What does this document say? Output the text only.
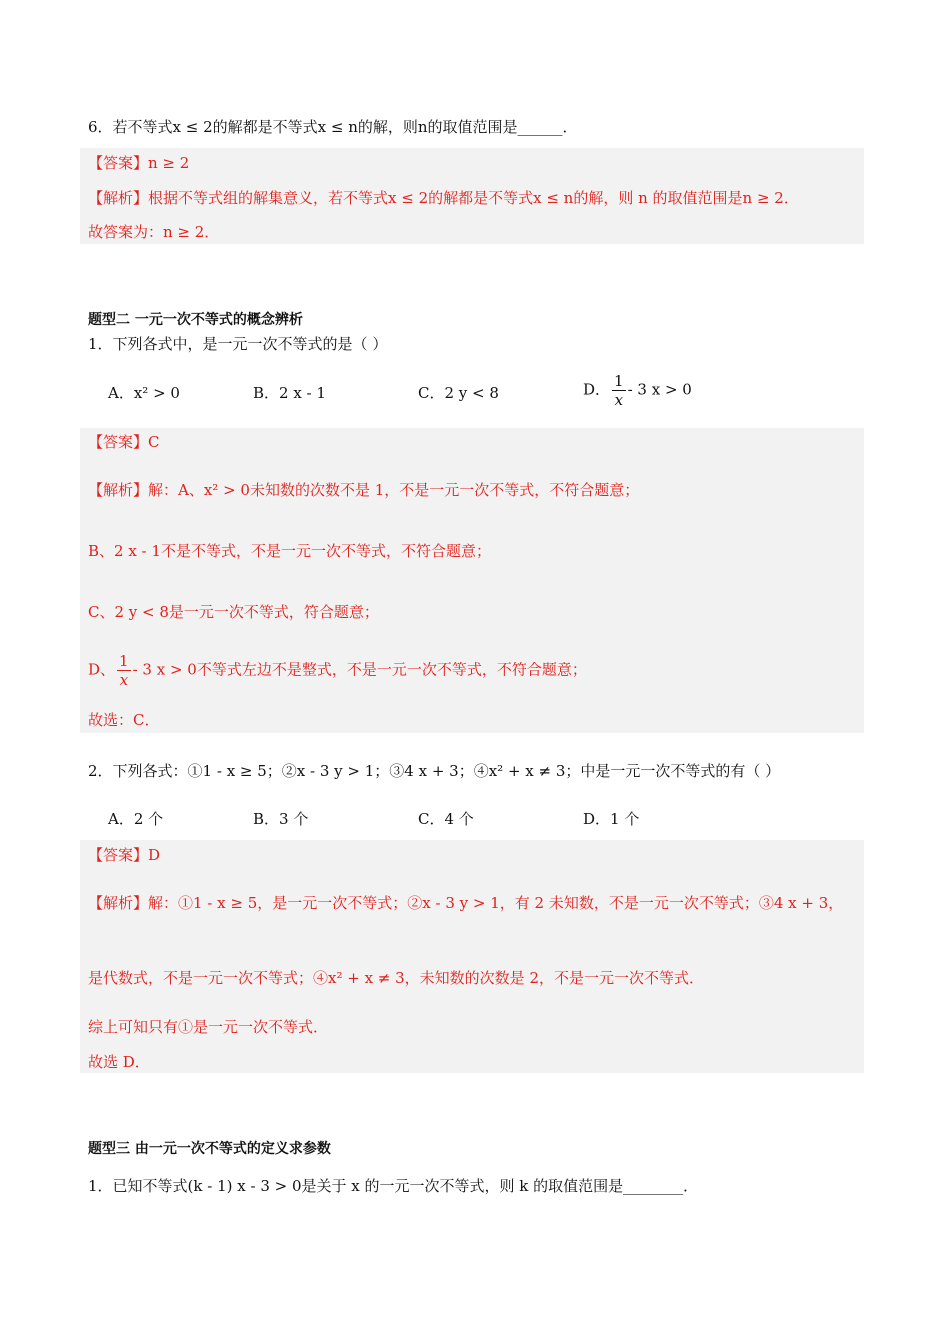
6．若不等式x ≤ 2的解都是不等式x ≤ n的解，则n的取值范围是______．
【答案】n ≥ 2
【解析】根据不等式组的解集意义，若不等式x ≤ 2的解都是不等式x ≤ n的解，则 n 的取值范围是n ≥ 2．
故答案为：n ≥ 2．
题型二 一元一次不等式的概念辨析
1．下列各式中，是一元一次不等式的是（ ）
A．x² > 0	B．2 x - 1	C．2 y < 8	D． $\frac{1}{x} - 3$ x > 0
【答案】C
【解析】解：A、x² > 0未知数的次数不是 1，不是一元一次不等式，不符合题意；
B、2 x - 1不是不等式，不是一元一次不等式，不符合题意；
C、2 y < 8是一元一次不等式，符合题意；
D、 $\frac{1}{x} - 3$ x > 0不等式左边不是整式，不是一元一次不等式，不符合题意；
故选：C．
2．下列各式：①1 - x ≥ 5；②x - 3 y > 1；③4 x + 3；④x² + x ≠ 3；中是一元一次不等式的有（ ）
A．2 个	B．3 个	C．4 个	D．1 个
【答案】D
【解析】解：①1 - x ≥ 5，是一元一次不等式；②x - 3 y > 1，有 2 未知数，不是一元一次不等式；③4 x + 3，
是代数式，不是一元一次不等式；④x² + x ≠ 3，未知数的次数是 2，不是一元一次不等式．
综上可知只有①是一元一次不等式．
故选 D．
题型三 由一元一次不等式的定义求参数
1．已知不等式(k - 1) x - 3 > 0是关于 x 的一元一次不等式，则 k 的取值范围是________．
